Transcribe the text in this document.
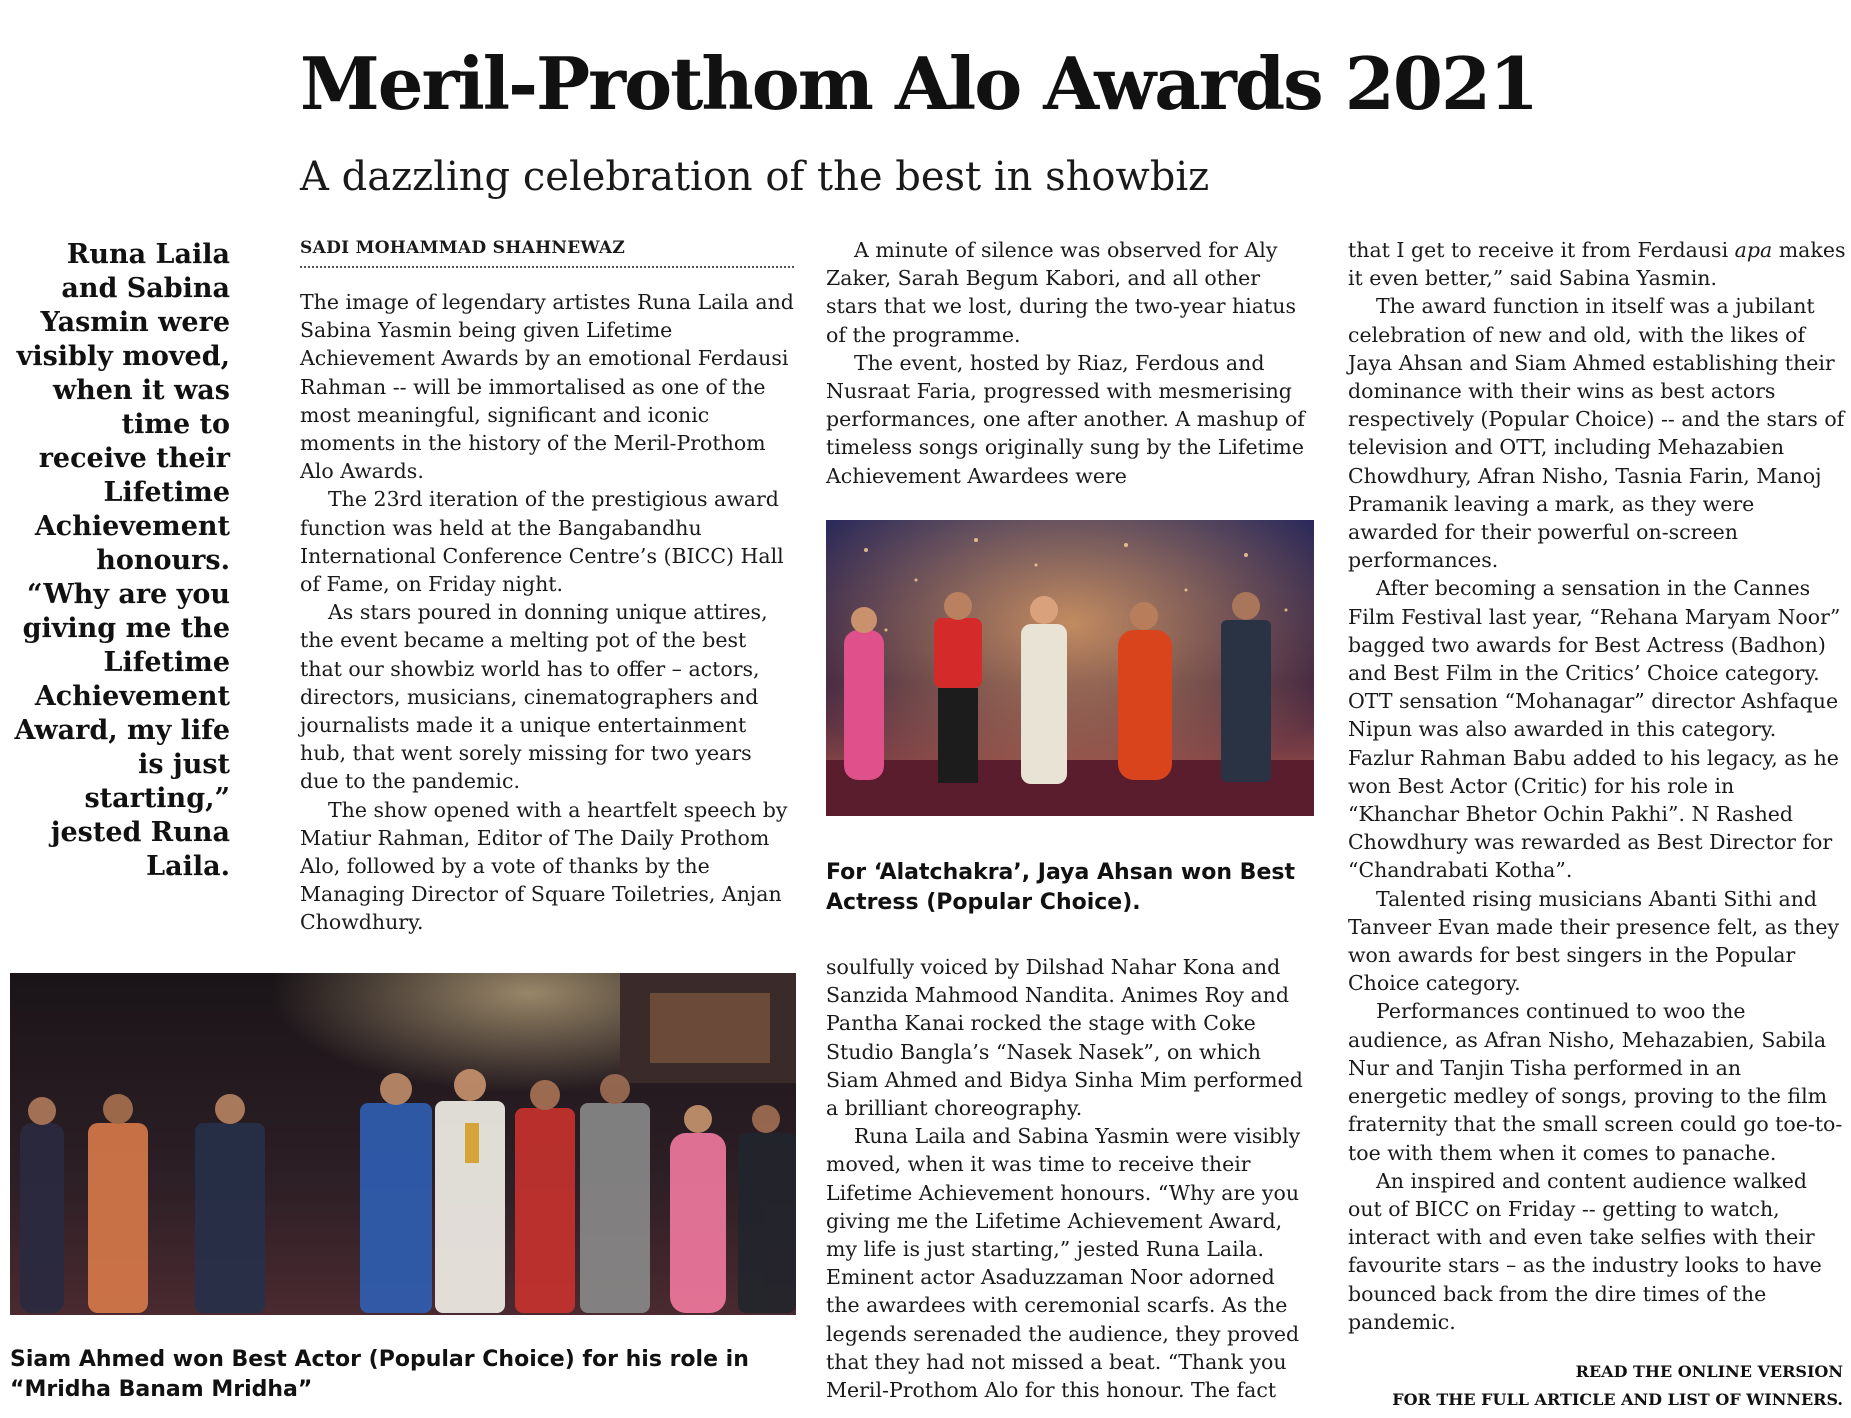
Meril-Prothom Alo Awards 2021
A dazzling celebration of the best in showbiz
Runa Laila and Sabina Yasmin were visibly moved, when it was time to receive their Lifetime Achievement honours. “Why are you giving me the Lifetime Achievement Award, my life is just starting,” jested Runa Laila.
SADI MOHAMMAD SHAHNEWAZ

The image of legendary artistes Runa Laila and Sabina Yasmin being given Lifetime Achievement Awards by an emotional Ferdausi Rahman -- will be immortalised as one of the most meaningful, significant and iconic moments in the history of the Meril-Prothom Alo Awards.

The 23rd iteration of the prestigious award function was held at the Bangabandhu International Conference Centre’s (BICC) Hall of Fame, on Friday night.

As stars poured in donning unique attires, the event became a melting pot of the best that our showbiz world has to offer – actors, directors, musicians, cinematographers and journalists made it a unique entertainment hub, that went sorely missing for two years due to the pandemic.

The show opened with a heartfelt speech by Matiur Rahman, Editor of The Daily Prothom Alo, followed by a vote of thanks by the Managing Director of Square Toiletries, Anjan Chowdhury.

A minute of silence was observed for Aly Zaker, Sarah Begum Kabori, and all other stars that we lost, during the two-year hiatus of the programme.

The event, hosted by Riaz, Ferdous and Nusraat Faria, progressed with mesmerising performances, one after another. A mashup of timeless songs originally sung by the Lifetime Achievement Awardees were

For ‘Alatchakra’, Jaya Ahsan won Best Actress (Popular Choice).

soulfully voiced by Dilshad Nahar Kona and Sanzida Mahmood Nandita. Animes Roy and Pantha Kanai rocked the stage with Coke Studio Bangla’s “Nasek Nasek”, on which Siam Ahmed and Bidya Sinha Mim performed a brilliant choreography.

Runa Laila and Sabina Yasmin were visibly moved, when it was time to receive their Lifetime Achievement honours. “Why are you giving me the Lifetime Achievement Award, my life is just starting,” jested Runa Laila. Eminent actor Asaduzzaman Noor adorned the awardees with ceremonial scarfs. As the legends serenaded the audience, they proved that they had not missed a beat. “Thank you Meril-Prothom Alo for this honour. The fact

that I get to receive it from Ferdausi apa makes it even better,” said Sabina Yasmin.

The award function in itself was a jubilant celebration of new and old, with the likes of Jaya Ahsan and Siam Ahmed establishing their dominance with their wins as best actors respectively (Popular Choice) -- and the stars of television and OTT, including Mehazabien Chowdhury, Afran Nisho, Tasnia Farin, Manoj Pramanik leaving a mark, as they were awarded for their powerful on-screen performances.

After becoming a sensation in the Cannes Film Festival last year, “Rehana Maryam Noor” bagged two awards for Best Actress (Badhon) and Best Film in the Critics’ Choice category. OTT sensation “Mohanagar” director Ashfaque Nipun was also awarded in this category. Fazlur Rahman Babu added to his legacy, as he won Best Actor (Critic) for his role in “Khanchar Bhetor Ochin Pakhi”. N Rashed Chowdhury was rewarded as Best Director for “Chandrabati Kotha”.

Talented rising musicians Abanti Sithi and Tanveer Evan made their presence felt, as they won awards for best singers in the Popular Choice category.

Performances continued to woo the audience, as Afran Nisho, Mehazabien, Sabila Nur and Tanjin Tisha performed in an energetic medley of songs, proving to the film fraternity that the small screen could go toe-to-toe with them when it comes to panache.

An inspired and content audience walked out of BICC on Friday -- getting to watch, interact with and even take selfies with their favourite stars – as the industry looks to have bounced back from the dire times of the pandemic.

Siam Ahmed won Best Actor (Popular Choice) for his role in “Mridha Banam Mridha”
READ THE ONLINE VERSION
FOR THE FULL ARTICLE AND LIST OF WINNERS.
